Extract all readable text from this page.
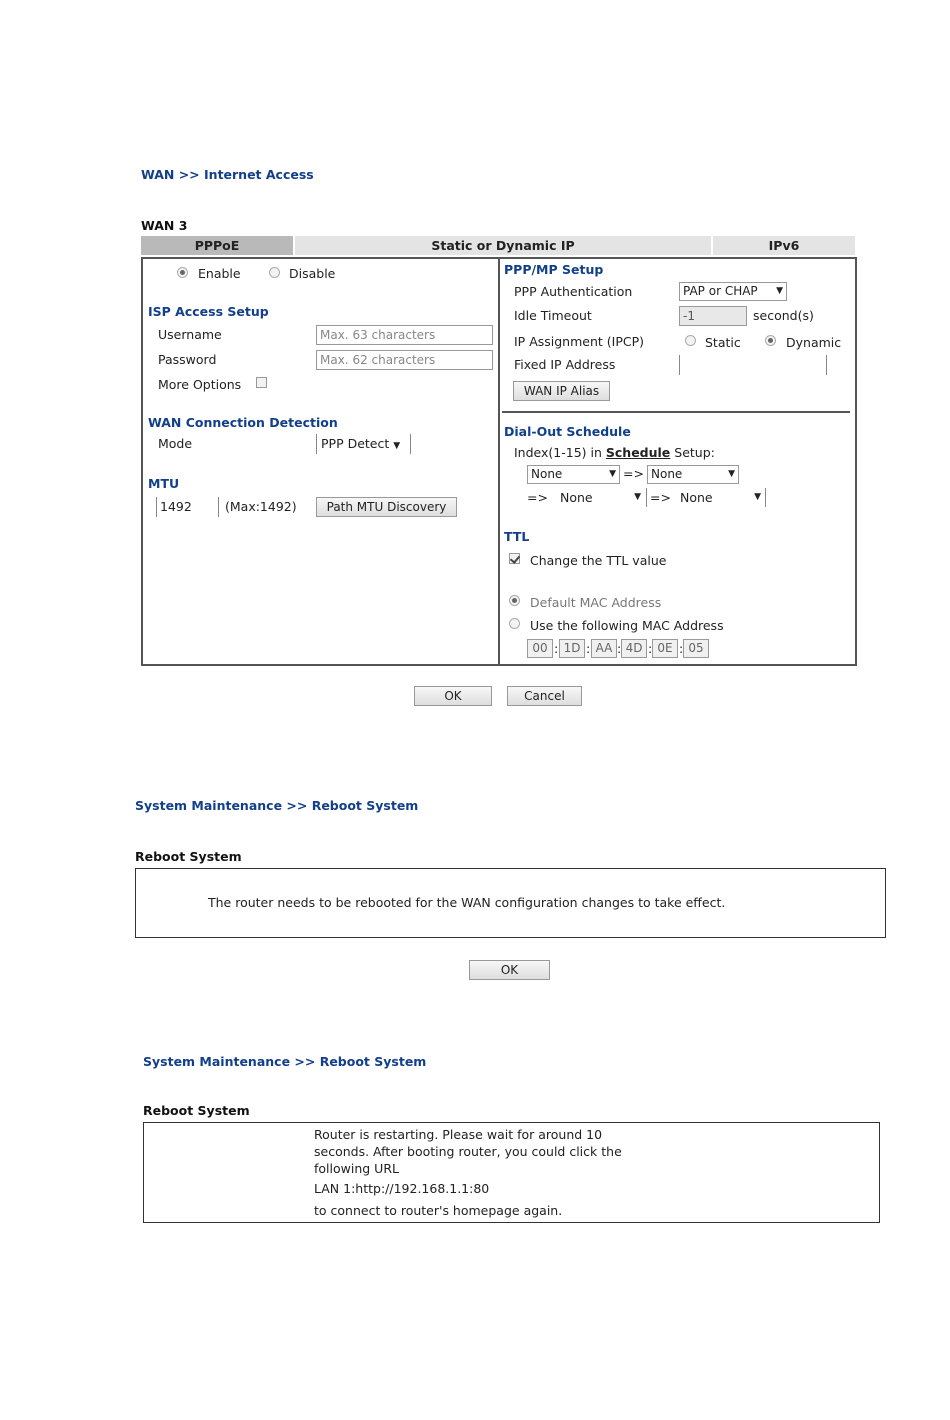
WAN >> Internet Access
WAN 3
PPPoE	Static or Dynamic IP	IPv6
Enable	Disable
ISP Access Setup
Username	Max. 63 characters
Password	Max. 62 characters
More Options
WAN Connection Detection
Mode	PPP Detect ▼
MTU
1492	(Max:1492)	Path MTU Discovery
PPP/MP Setup
PPP Authentication	PAP or CHAP ▼
Idle Timeout	-1	second(s)
IP Assignment (IPCP)	Static	Dynamic
Fixed IP Address
WAN IP Alias
Dial-Out Schedule
Index(1-15) in Schedule Setup:
None	▼ => None	▼
=> None	▼ => None	▼
TTL
Change the TTL value
Default MAC Address
Use the following MAC Address
00 : 1D : AA : 4D : 0E : 05
OK	Cancel
System Maintenance >> Reboot System
Reboot System
The router needs to be rebooted for the WAN configuration changes to take effect.
OK
System Maintenance >> Reboot System
Reboot System
Router is restarting. Please wait for around 10
seconds. After booting router, you could click the
following URL
LAN 1:http://192.168.1.1:80
to connect to router's homepage again.
